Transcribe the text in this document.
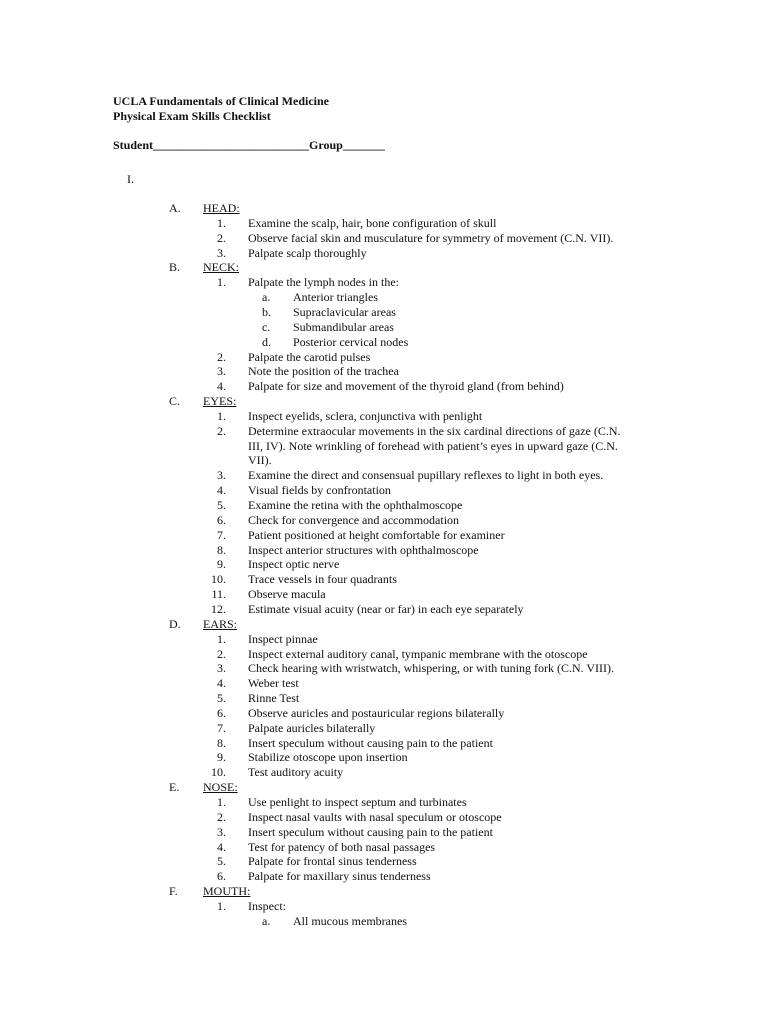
UCLA Fundamentals of Clinical Medicine
Physical Exam Skills Checklist
Student__________________________Group_______
I.
A. HEAD:
1. Examine the scalp, hair, bone configuration of skull
2. Observe facial skin and musculature for symmetry of movement (C.N. VII).
3. Palpate scalp thoroughly
B. NECK:
1. Palpate the lymph nodes in the:
a. Anterior triangles
b. Supraclavicular areas
c. Submandibular areas
d. Posterior cervical nodes
2. Palpate the carotid pulses
3. Note the position of the trachea
4. Palpate for size and movement of the thyroid gland (from behind)
C. EYES:
1. Inspect eyelids, sclera, conjunctiva with penlight
2. Determine extraocular movements in the six cardinal directions of gaze (C.N.
III, IV). Note wrinkling of forehead with patient’s eyes in upward gaze (C.N.
VII).
3. Examine the direct and consensual pupillary reflexes to light in both eyes.
4. Visual fields by confrontation
5. Examine the retina with the ophthalmoscope
6. Check for convergence and accommodation
7. Patient positioned at height comfortable for examiner
8. Inspect anterior structures with ophthalmoscope
9. Inspect optic nerve
10. Trace vessels in four quadrants
11. Observe macula
12. Estimate visual acuity (near or far) in each eye separately
D. EARS:
1. Inspect pinnae
2. Inspect external auditory canal, tympanic membrane with the otoscope
3. Check hearing with wristwatch, whispering, or with tuning fork (C.N. VIII).
4. Weber test
5. Rinne Test
6. Observe auricles and postauricular regions bilaterally
7. Palpate auricles bilaterally
8. Insert speculum without causing pain to the patient
9. Stabilize otoscope upon insertion
10. Test auditory acuity
E. NOSE:
1. Use penlight to inspect septum and turbinates
2. Inspect nasal vaults with nasal speculum or otoscope
3. Insert speculum without causing pain to the patient
4. Test for patency of both nasal passages
5. Palpate for frontal sinus tenderness
6. Palpate for maxillary sinus tenderness
F. MOUTH:
1. Inspect:
a. All mucous membranes
